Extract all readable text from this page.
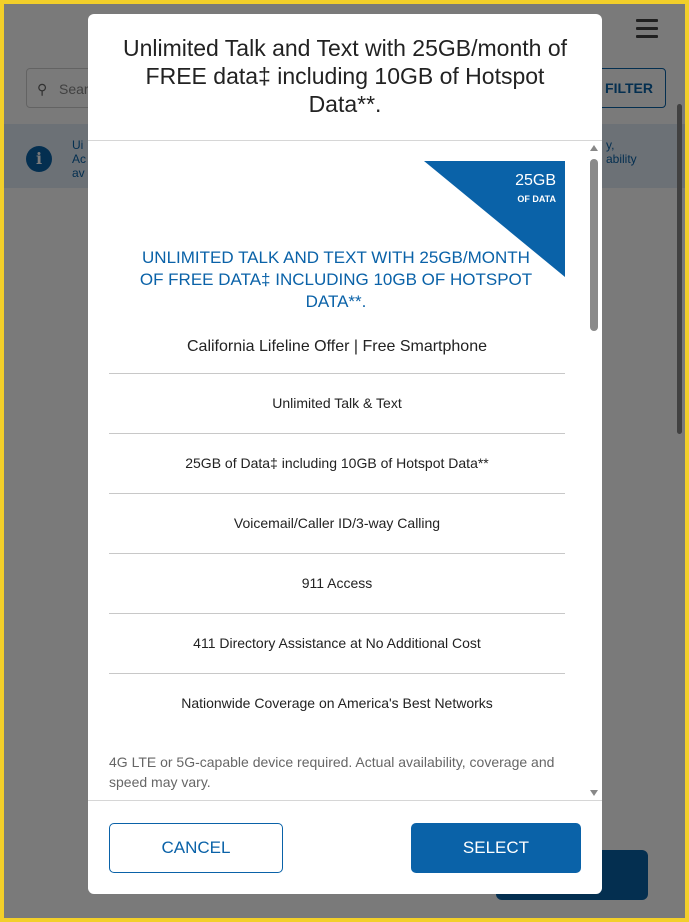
Unlimited Talk and Text with 25GB/month of FREE data‡ including 10GB of Hotspot Data**.
25GB
OF DATA
UNLIMITED TALK AND TEXT WITH 25GB/MONTH OF FREE DATA‡ INCLUDING 10GB OF HOTSPOT DATA**.
California Lifeline Offer | Free Smartphone
Unlimited Talk & Text
25GB of Data‡ including 10GB of Hotspot Data**
Voicemail/Caller ID/3-way Calling
911 Access
411 Directory Assistance at No Additional Cost
Nationwide Coverage on America's Best Networks
4G LTE or 5G-capable device required. Actual availability, coverage and speed may vary.
CANCEL	SELECT
